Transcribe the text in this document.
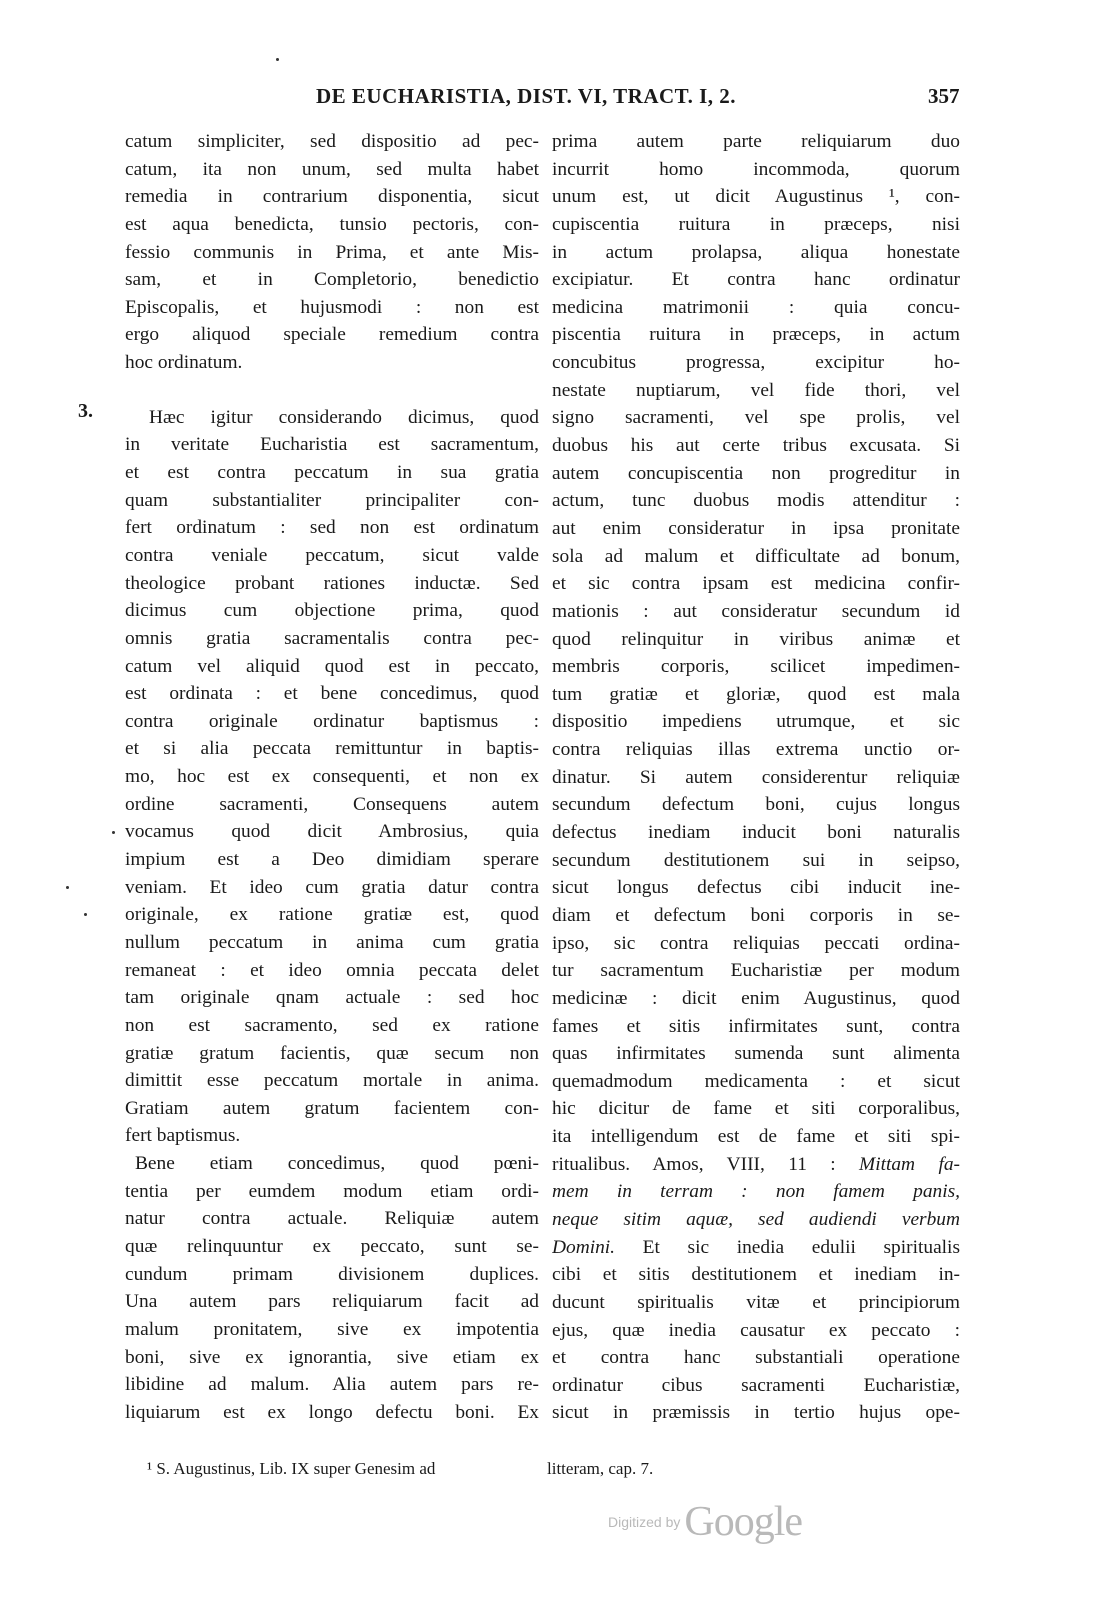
DE EUCHARISTIA, DIST. VI, TRACT. I, 2.	357
3.
catum simpliciter, sed dispositio ad pec-
catum, ita non unum, sed multa habet
remedia in contrarium disponentia, sicut
est aqua benedicta, tunsio pectoris, con-
fessio communis in Prima, et ante Mis-
sam, et in Completorio, benedictio
Episcopalis, et hujusmodi : non est
ergo aliquod speciale remedium contra
hoc ordinatum.
Hæc igitur considerando dicimus, quod
in veritate Eucharistia est sacramentum,
et est contra peccatum in sua gratia
quam substantialiter principaliter con-
fert ordinatum : sed non est ordinatum
contra veniale peccatum, sicut valde
theologice probant rationes inductæ. Sed
dicimus cum objectione prima, quod
omnis gratia sacramentalis contra pec-
catum vel aliquid quod est in peccato,
est ordinata : et bene concedimus, quod
contra originale ordinatur baptismus :
et si alia peccata remittuntur in baptis-
mo, hoc est ex consequenti, et non ex
ordine sacramenti, Consequens autem
vocamus quod dicit Ambrosius, quia
impium est a Deo dimidiam sperare
veniam. Et ideo cum gratia datur contra
originale, ex ratione gratiæ est, quod
nullum peccatum in anima cum gratia
remaneat : et ideo omnia peccata delet
tam originale qnam actuale : sed hoc
non est sacramento, sed ex ratione
gratiæ gratum facientis, quæ secum non
dimittit esse peccatum mortale in anima.
Gratiam autem gratum facientem con-
fert baptismus.
Bene etiam concedimus, quod pœni-
tentia per eumdem modum etiam ordi-
natur contra actuale. Reliquiæ autem
quæ relinquuntur ex peccato, sunt se-
cundum primam divisionem duplices.
Una autem pars reliquiarum facit ad
malum pronitatem, sive ex impotentia
boni, sive ex ignorantia, sive etiam ex
libidine ad malum. Alia autem pars re-
liquiarum est ex longo defectu boni. Ex
prima autem parte reliquiarum duo
incurrit homo incommoda, quorum
unum est, ut dicit Augustinus ¹, con-
cupiscentia ruitura in præceps, nisi
in actum prolapsa, aliqua honestate
excipiatur. Et contra hanc ordinatur
medicina matrimonii : quia concu-
piscentia ruitura in præceps, in actum
concubitus progressa, excipitur ho-
nestate nuptiarum, vel fide thori, vel
signo sacramenti, vel spe prolis, vel
duobus his aut certe tribus excusata. Si
autem concupiscentia non progreditur in
actum, tunc duobus modis attenditur :
aut enim consideratur in ipsa pronitate
sola ad malum et difficultate ad bonum,
et sic contra ipsam est medicina confir-
mationis : aut consideratur secundum id
quod relinquitur in viribus animæ et
membris corporis, scilicet impedimen-
tum gratiæ et gloriæ, quod est mala
dispositio impediens utrumque, et sic
contra reliquias illas extrema unctio or-
dinatur. Si autem considerentur reliquiæ
secundum defectum boni, cujus longus
defectus inediam inducit boni naturalis
secundum destitutionem sui in seipso,
sicut longus defectus cibi inducit ine-
diam et defectum boni corporis in se-
ipso, sic contra reliquias peccati ordina-
tur sacramentum Eucharistiæ per modum
medicinæ : dicit enim Augustinus, quod
fames et sitis infirmitates sunt, contra
quas infirmitates sumenda sunt alimenta
quemadmodum medicamenta : et sicut
hic dicitur de fame et siti corporalibus,
ita intelligendum est de fame et siti spi-
ritualibus. Amos, VIII, 11 : Mittam fa-
mem in terram : non famem panis,
neque sitim aquæ, sed audiendi verbum
Domini. Et sic inedia edulii spiritualis
cibi et sitis destitutionem et inediam in-
ducunt spiritualis vitæ et principiorum
ejus, quæ inedia causatur ex peccato :
et contra hanc substantiali operatione
ordinatur cibus sacramenti Eucharistiæ,
sicut in præmissis in tertio hujus ope-
¹ S. Augustinus, Lib. IX super Genesim ad	litteram, cap. 7.
Digitized by Google
